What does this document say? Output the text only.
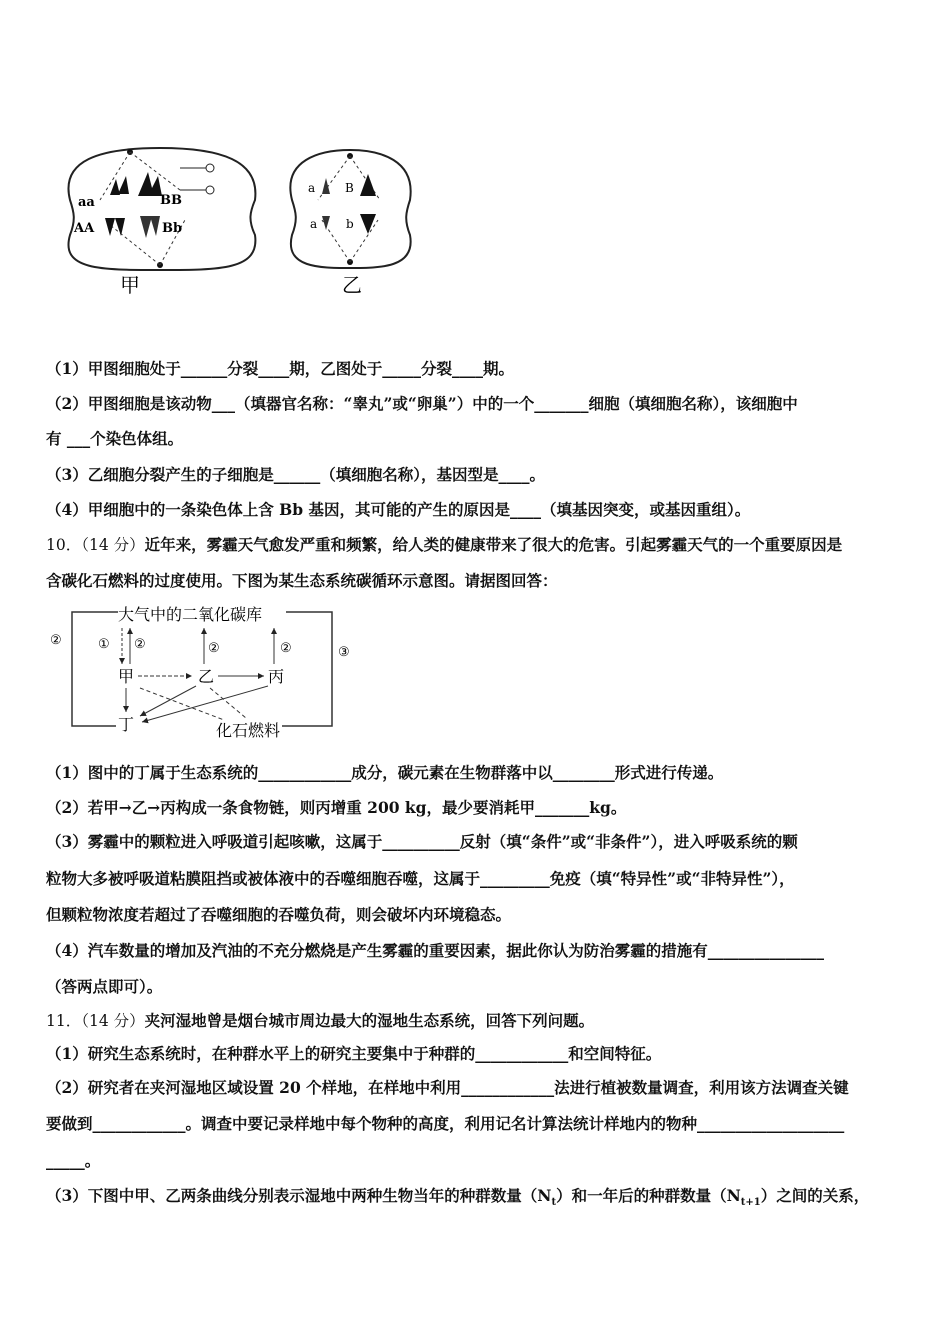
aa	BB
AA	Bb
甲
a B
a b
乙
（1）甲图细胞处于______分裂____期，乙图处于_____分裂____期。
（2）甲图细胞是该动物___（填器官名称：“睾丸”或“卵巢”）中的一个_______细胞（填细胞名称），该细胞中
有 ___个染色体组。
（3）乙细胞分裂产生的子细胞是______（填细胞名称），基因型是____。
（4）甲细胞中的一条染色体上含 Bb 基因，其可能的产生的原因是____（填基因突变，或基因重组）。
10．（14 分）近年来，雾霾天气愈发严重和频繁，给人类的健康带来了很大的危害。引起雾霾天气的一个重要原因是
含碳化石燃料的过度使用。下图为某生态系统碳循环示意图。请据图回答：
大气中的二氧化碳库
甲	乙	丙
丁	化石燃料
②	① ②	②	②	③
（1）图中的丁属于生态系统的____________成分，碳元素在生物群落中以________形式进行传递。
（2）若甲→乙→丙构成一条食物链，则丙增重 200 kg，最少要消耗甲_______kg。
（3）雾霾中的颗粒进入呼吸道引起咳嗽，这属于__________反射（填“条件”或“非条件”），进入呼吸系统的颗
粒物大多被呼吸道粘膜阻挡或被体液中的吞噬细胞吞噬，这属于_________免疫（填“特异性”或“非特异性”），
但颗粒物浓度若超过了吞噬细胞的吞噬负荷，则会破坏内环境稳态。
（4）汽车数量的增加及汽油的不充分燃烧是产生雾霾的重要因素，据此你认为防治雾霾的措施有_______________
（答两点即可）。
11．（14 分）夹河湿地曾是烟台城市周边最大的湿地生态系统，回答下列问题。
（1）研究生态系统时，在种群水平上的研究主要集中于种群的____________和空间特征。
（2）研究者在夹河湿地区域设置 20 个样地，在样地中利用____________法进行植被数量调查，利用该方法调查关键
要做到____________。调查中要记录样地中每个物种的高度，利用记名计算法统计样地内的物种___________________
_____。
（3）下图中甲、乙两条曲线分别表示湿地中两种生物当年的种群数量$(N_t)$和一年后的种群数量$(N_{t+1})$之间的关系，
